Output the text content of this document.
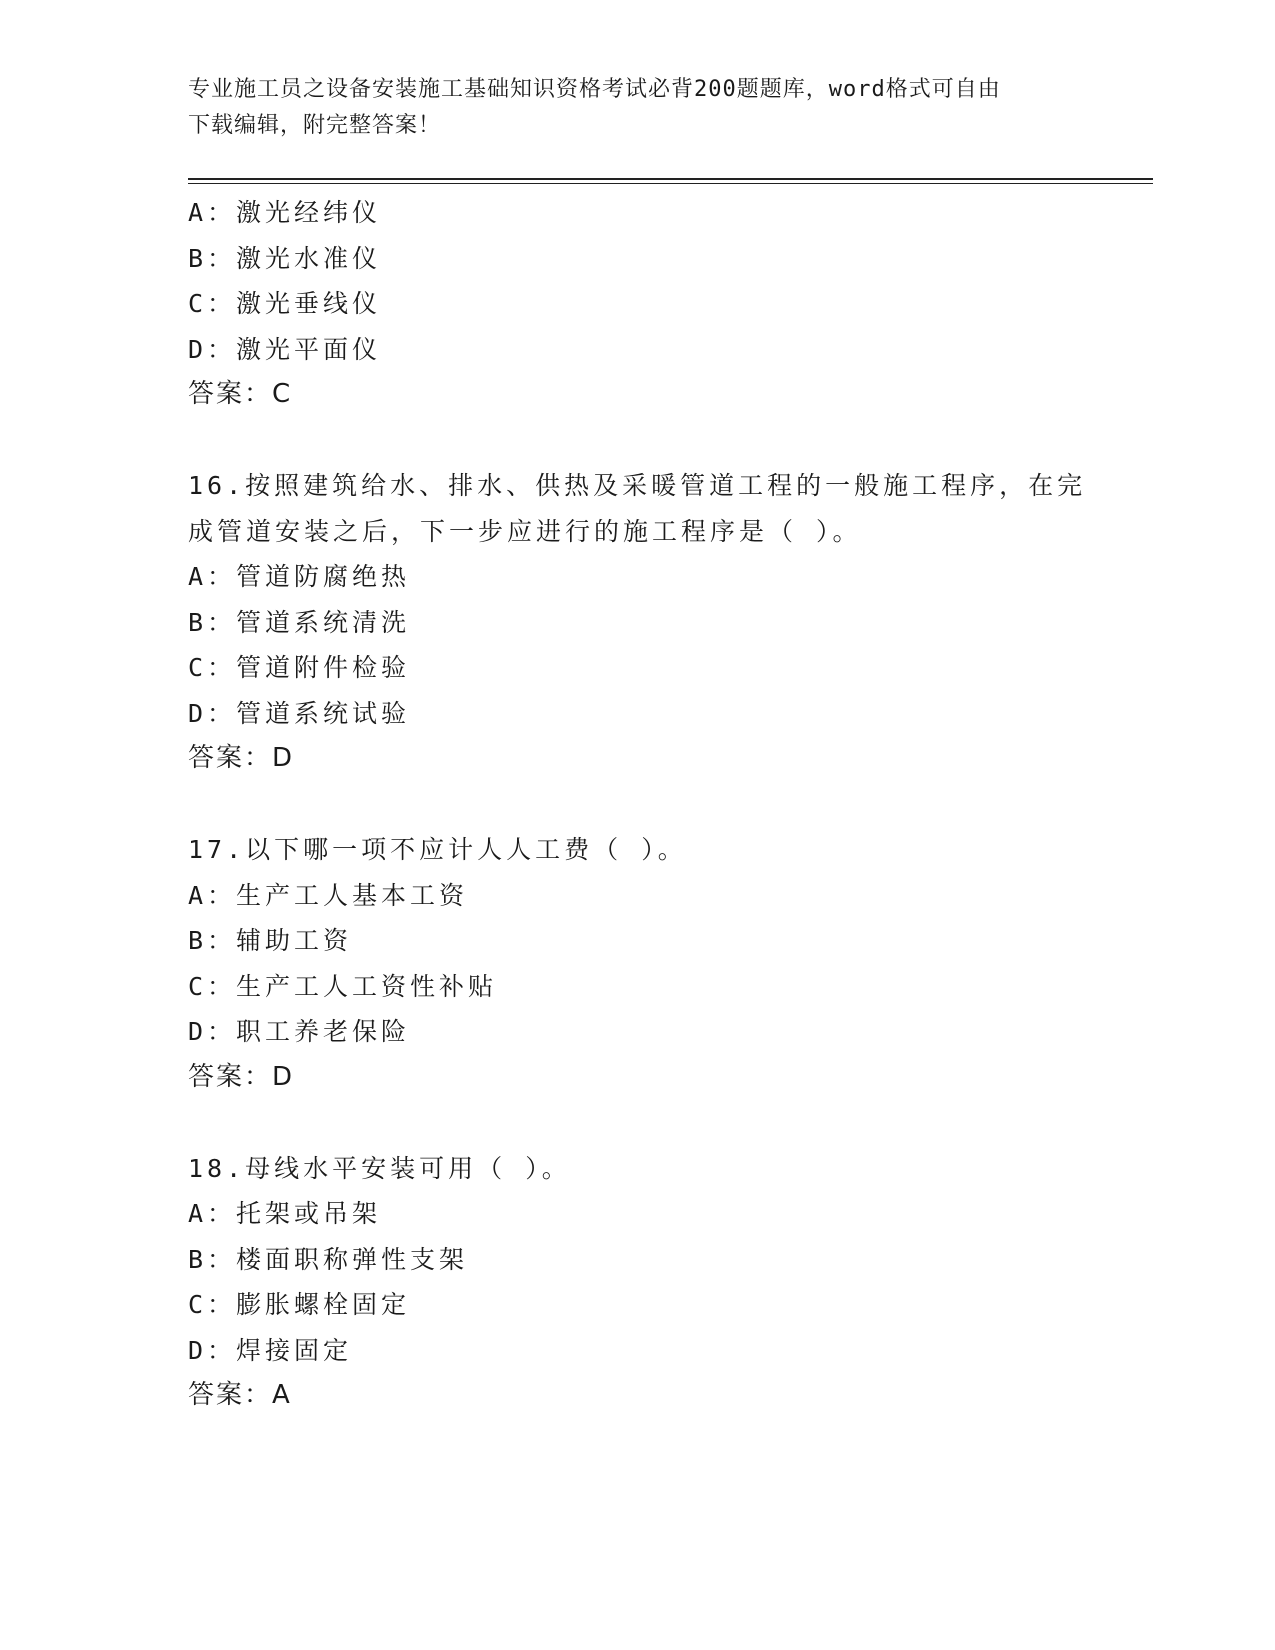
专业施工员之设备安装施工基础知识资格考试必背200题题库，word格式可自由
下载编辑，附完整答案！
A：激光经纬仪
B：激光水准仪
C：激光垂线仪
D：激光平面仪
答案：C
16.按照建筑给水、排水、供热及采暖管道工程的一般施工程序，在完
成管道安装之后，下一步应进行的施工程序是（ ）。
A：管道防腐绝热
B：管道系统清洗
C：管道附件检验
D：管道系统试验
答案：D
17.以下哪一项不应计人人工费（ ）。
A：生产工人基本工资
B：辅助工资
C：生产工人工资性补贴
D：职工养老保险
答案：D
18.母线水平安装可用（ ）。
A：托架或吊架
B：楼面职称弹性支架
C：膨胀螺栓固定
D：焊接固定
答案：A
